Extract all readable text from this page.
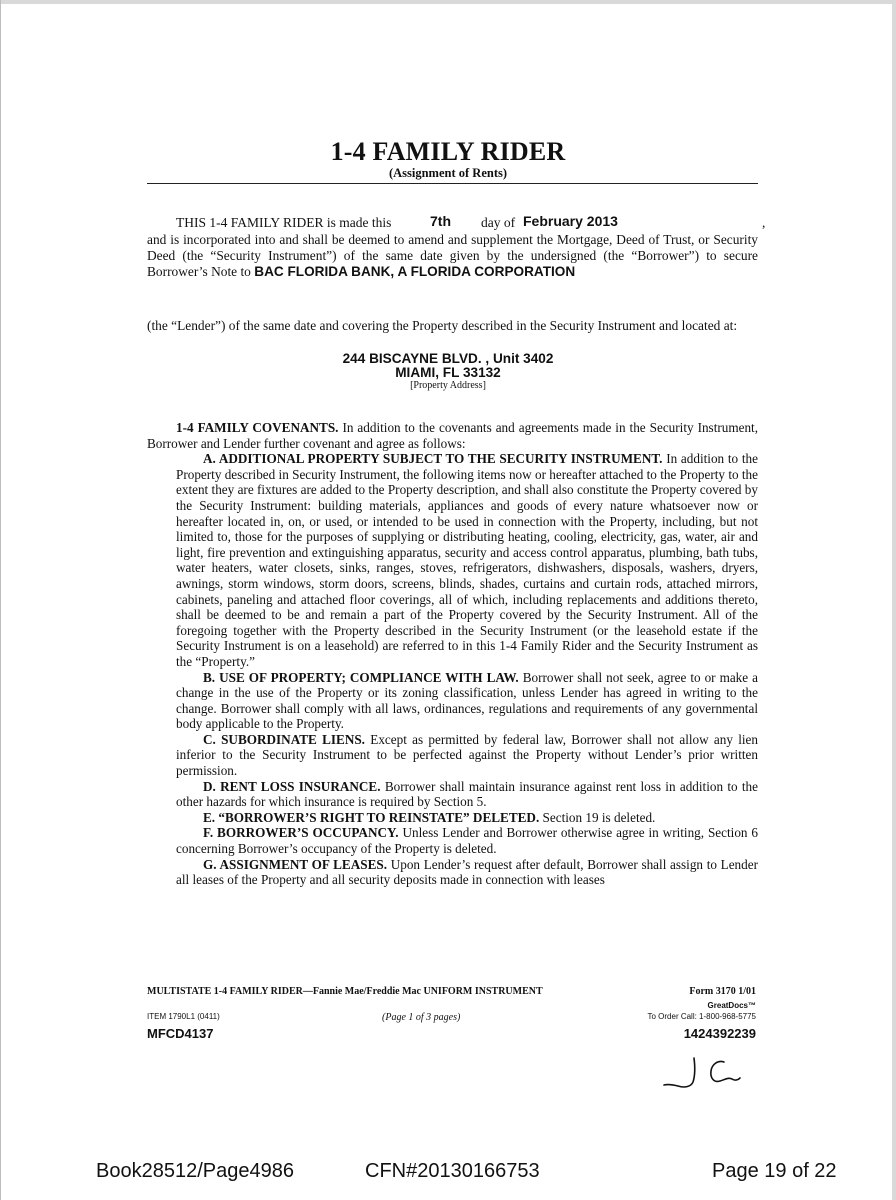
1-4 FAMILY RIDER
(Assignment of Rents)
THIS 1-4 FAMILY RIDER is made this	7th day of February 2013	,

and is incorporated into and shall be deemed to amend and supplement the Mortgage, Deed of Trust, or Security Deed (the “Security Instrument”) of the same date given by the undersigned (the “Borrower”) to secure Borrower’s Note to BAC FLORIDA BANK, A FLORIDA CORPORATION

(the “Lender”) of the same date and covering the Property described in the Security Instrument and located at:

244 BISCAYNE BLVD. , Unit 3402
MIAMI, FL 33132
[Property Address]

1-4 FAMILY COVENANTS. In addition to the covenants and agreements made in the Security Instrument, Borrower and Lender further covenant and agree as follows:

A. ADDITIONAL PROPERTY SUBJECT TO THE SECURITY INSTRUMENT. In addition to the Property described in Security Instrument, the following items now or hereafter attached to the Property to the extent they are fixtures are added to the Property description, and shall also constitute the Property covered by the Security Instrument: building materials, appliances and goods of every nature whatsoever now or hereafter located in, on, or used, or intended to be used in connection with the Property, including, but not limited to, those for the purposes of supplying or distributing heating, cooling, electricity, gas, water, air and light, fire prevention and extinguishing apparatus, security and access control apparatus, plumbing, bath tubs, water heaters, water closets, sinks, ranges, stoves, refrigerators, dishwashers, disposals, washers, dryers, awnings, storm windows, storm doors, screens, blinds, shades, curtains and curtain rods, attached mirrors, cabinets, paneling and attached floor coverings, all of which, including replacements and additions thereto, shall be deemed to be and remain a part of the Property covered by the Security Instrument. All of the foregoing together with the Property described in the Security Instrument (or the leasehold estate if the Security Instrument is on a leasehold) are referred to in this 1-4 Family Rider and the Security Instrument as the “Property.”

B. USE OF PROPERTY; COMPLIANCE WITH LAW. Borrower shall not seek, agree to or make a change in the use of the Property or its zoning classification, unless Lender has agreed in writing to the change. Borrower shall comply with all laws, ordinances, regulations and requirements of any governmental body applicable to the Property.

C. SUBORDINATE LIENS. Except as permitted by federal law, Borrower shall not allow any lien inferior to the Security Instrument to be perfected against the Property without Lender’s prior written permission.

D. RENT LOSS INSURANCE. Borrower shall maintain insurance against rent loss in addition to the other hazards for which insurance is required by Section 5.

E. “BORROWER’S RIGHT TO REINSTATE” DELETED. Section 19 is deleted.

F. BORROWER’S OCCUPANCY. Unless Lender and Borrower otherwise agree in writing, Section 6 concerning Borrower’s occupancy of the Property is deleted.

G. ASSIGNMENT OF LEASES. Upon Lender’s request after default, Borrower shall assign to Lender all leases of the Property and all security deposits made in connection with leases

MULTISTATE 1-4 FAMILY RIDER—Fannie Mae/Freddie Mac UNIFORM INSTRUMENT	Form 3170 1/01
GreatDocs™
To Order Call: 1-800-968-5775
ITEM 1790L1 (0411)	(Page 1 of 3 pages)
MFCD4137	1424392239
Book28512/Page4986	CFN#20130166753	Page 19 of 22
